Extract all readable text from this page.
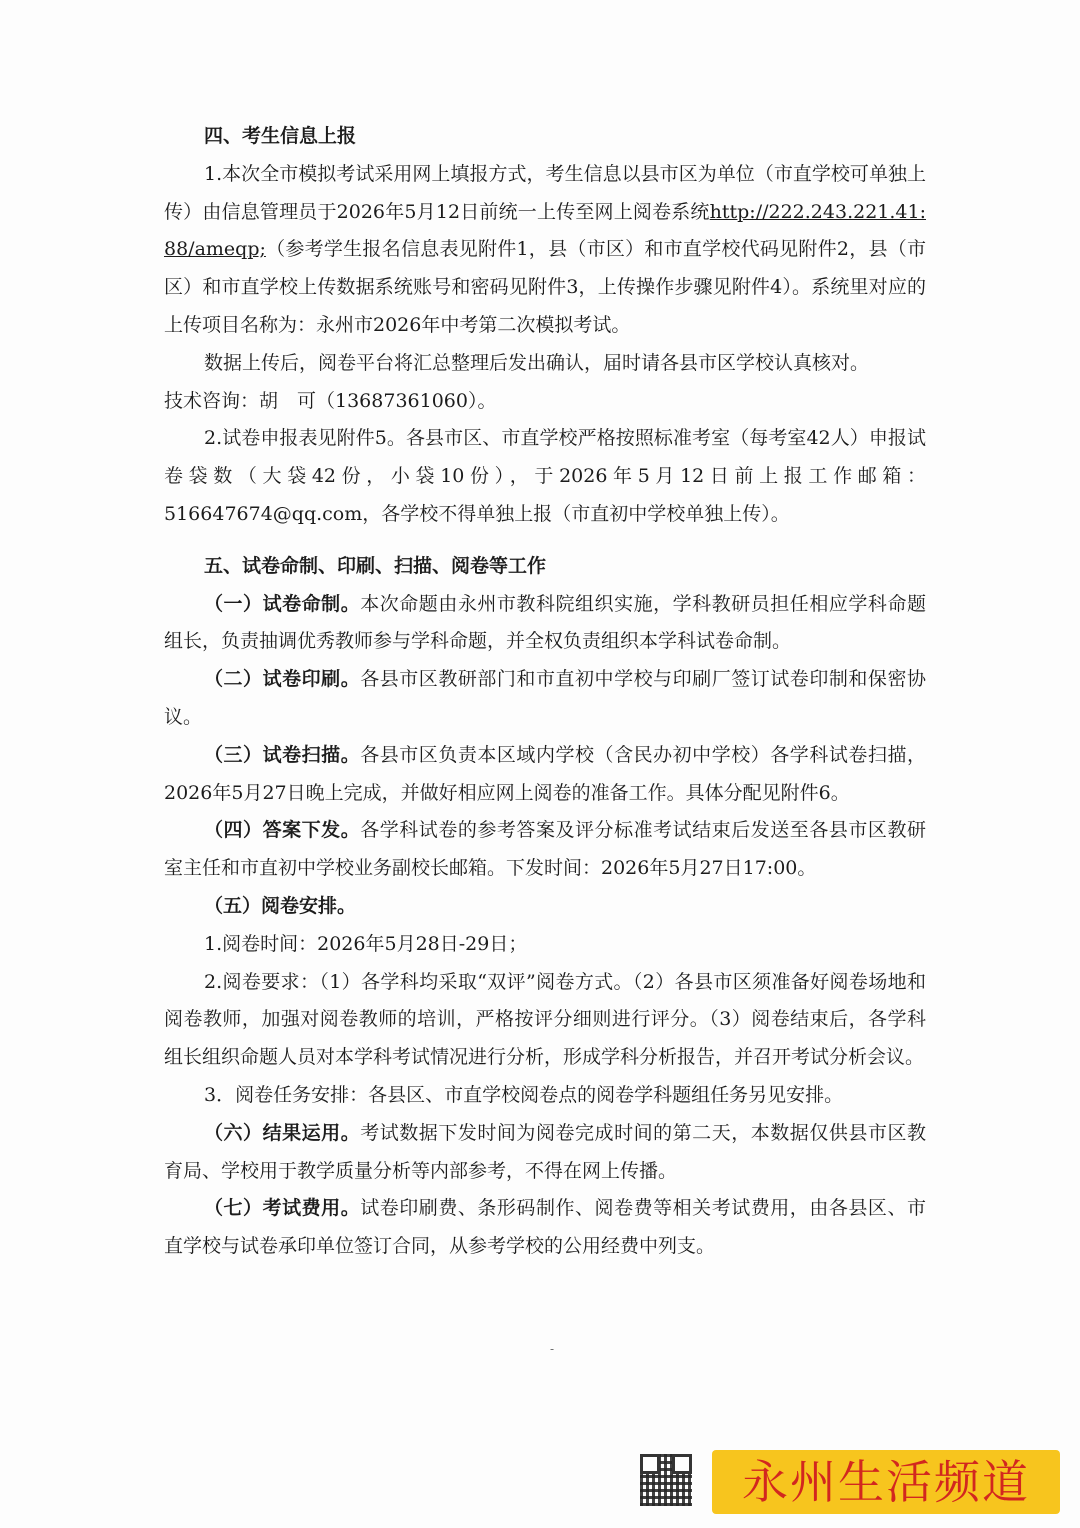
四、考生信息上报

1.本次全市模拟考试采用网上填报方式，考生信息以县市区为单位（市直学校可单独上传）由信息管理员于2026年5月12日前统一上传至网上阅卷系统http://222.243.221.41:88/ameqp;（参考学生报名信息表见附件1，县（市区）和市直学校代码见附件2，县（市区）和市直学校上传数据系统账号和密码见附件3，上传操作步骤见附件4）。系统里对应的上传项目名称为：永州市2026年中考第二次模拟考试。

数据上传后，阅卷平台将汇总整理后发出确认，届时请各县市区学校认真核对。

技术咨询：胡　可（13687361060）。

2.试卷申报表见附件5。各县市区、市直学校严格按照标准考室（每考室42人）申报试卷袋数（大袋42份，小袋10份），于2026年5月12日前上报工作邮箱：516647674@qq.com，各学校不得单独上报（市直初中学校单独上传）。

五、试卷命制、印刷、扫描、阅卷等工作

（一）试卷命制。本次命题由永州市教科院组织实施，学科教研员担任相应学科命题组长，负责抽调优秀教师参与学科命题，并全权负责组织本学科试卷命制。

（二）试卷印刷。各县市区教研部门和市直初中学校与印刷厂签订试卷印制和保密协议。

（三）试卷扫描。各县市区负责本区域内学校（含民办初中学校）各学科试卷扫描，2026年5月27日晚上完成，并做好相应网上阅卷的准备工作。具体分配见附件6。

（四）答案下发。各学科试卷的参考答案及评分标准考试结束后发送至各县市区教研室主任和市直初中学校业务副校长邮箱。下发时间：2026年5月27日17:00。

（五）阅卷安排。

1.阅卷时间：2026年5月28日-29日；

2.阅卷要求：（1）各学科均采取“双评”阅卷方式。（2）各县市区须准备好阅卷场地和阅卷教师，加强对阅卷教师的培训，严格按评分细则进行评分。（3）阅卷结束后，各学科组长组织命题人员对本学科考试情况进行分析，形成学科分析报告，并召开考试分析会议。

3．阅卷任务安排：各县区、市直学校阅卷点的阅卷学科题组任务另见安排。

（六）结果运用。考试数据下发时间为阅卷完成时间的第二天，本数据仅供县市区教育局、学校用于教学质量分析等内部参考，不得在网上传播。

（七）考试费用。试卷印刷费、条形码制作、阅卷费等相关考试费用，由各县区、市直学校与试卷承印单位签订合同，从参考学校的公用经费中列支。

-
永州生活频道
